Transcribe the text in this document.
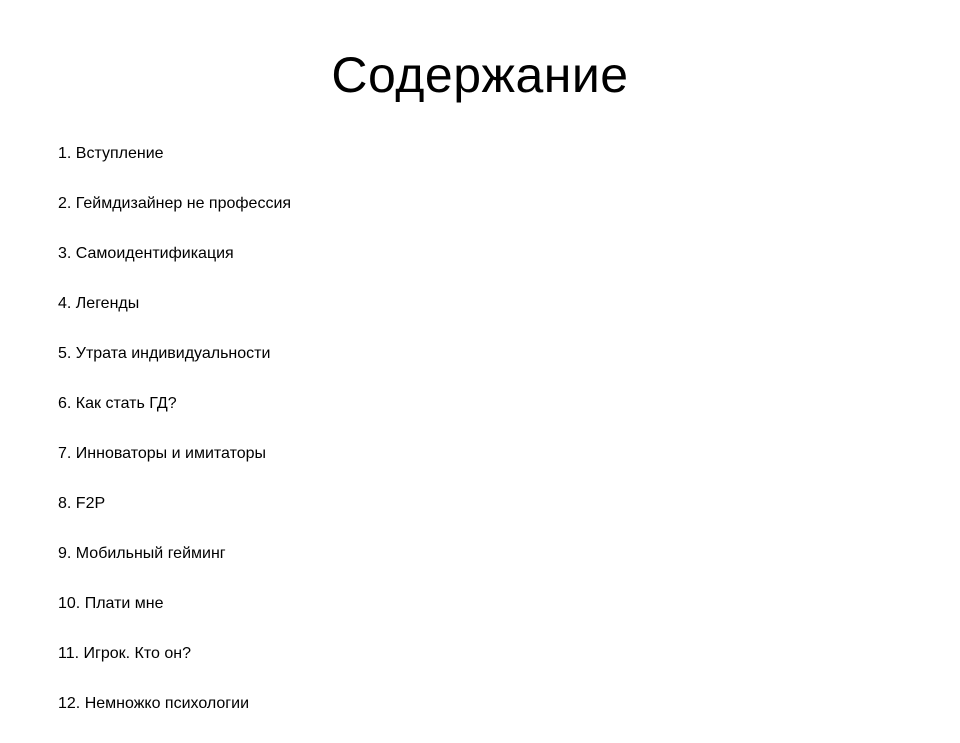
Содержание
1. Вступление
2. Геймдизайнер не профессия
3. Самоидентификация
4. Легенды
5. Утрата индивидуальности
6. Как стать ГД?
7. Инноваторы и имитаторы
8. F2P
9. Мобильный гейминг
10. Плати мне
11. Игрок. Кто он?
12. Немножко психологии
